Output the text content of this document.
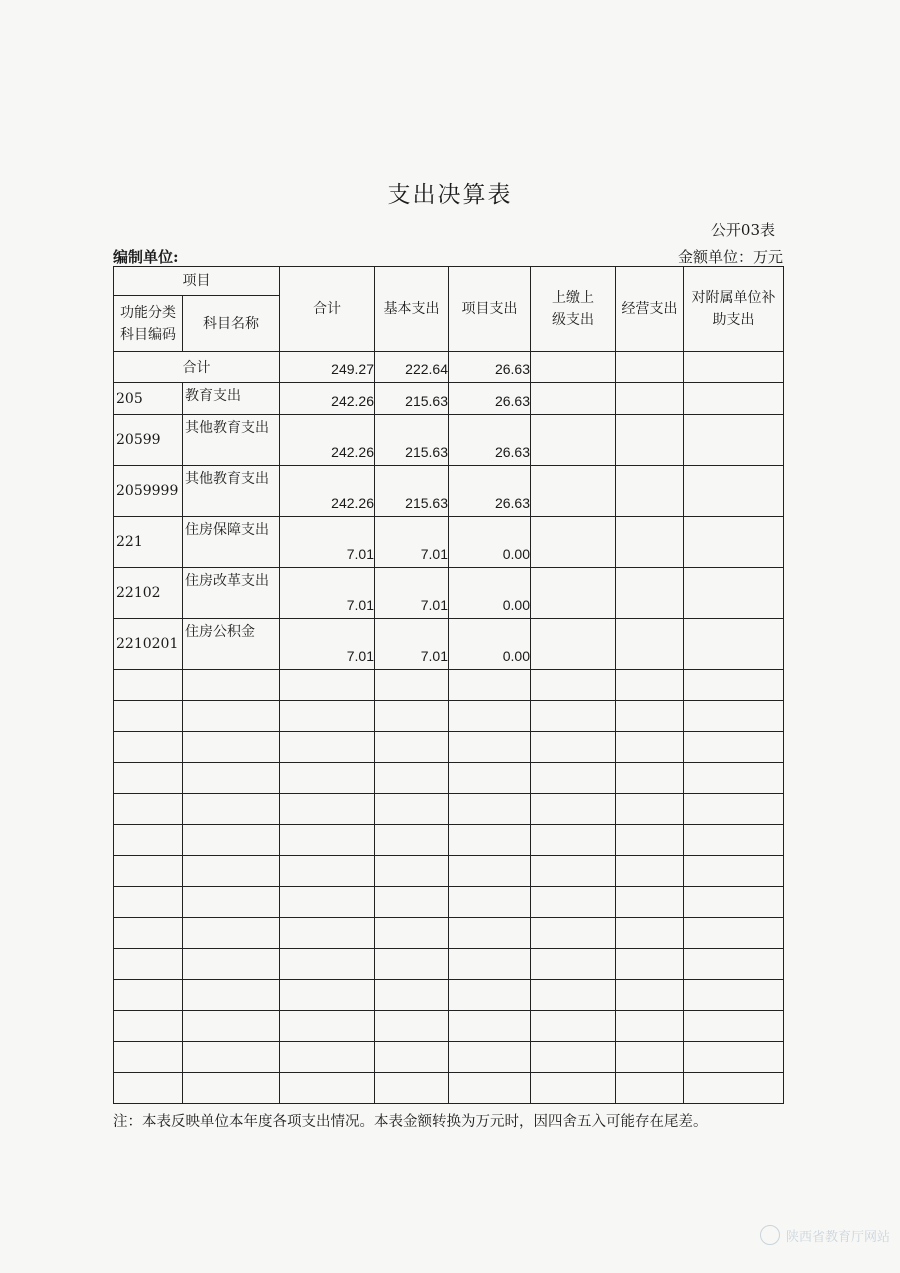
支出决算表
公开03表
编制单位:	金额单位：万元
项目		合计	基本支出	项目支出	上缴上级支出	经营支出	对附属单位补助支出
功能分类科目编码	科目名称						
合计		249.27	222.64	26.63			
205	教育支出	242.26	215.63	26.63			
20599	其他教育支出	242.26	215.63	26.63			
2059999	其他教育支出	242.26	215.63	26.63			
221	住房保障支出	7.01	7.01	0.00			
22102	住房改革支出	7.01	7.01	0.00			
2210201	住房公积金	7.01	7.01	0.00			

注：本表反映单位本年度各项支出情况。本表金额转换为万元时，因四舍五入可能存在尾差。
陕西省教育厅网站
